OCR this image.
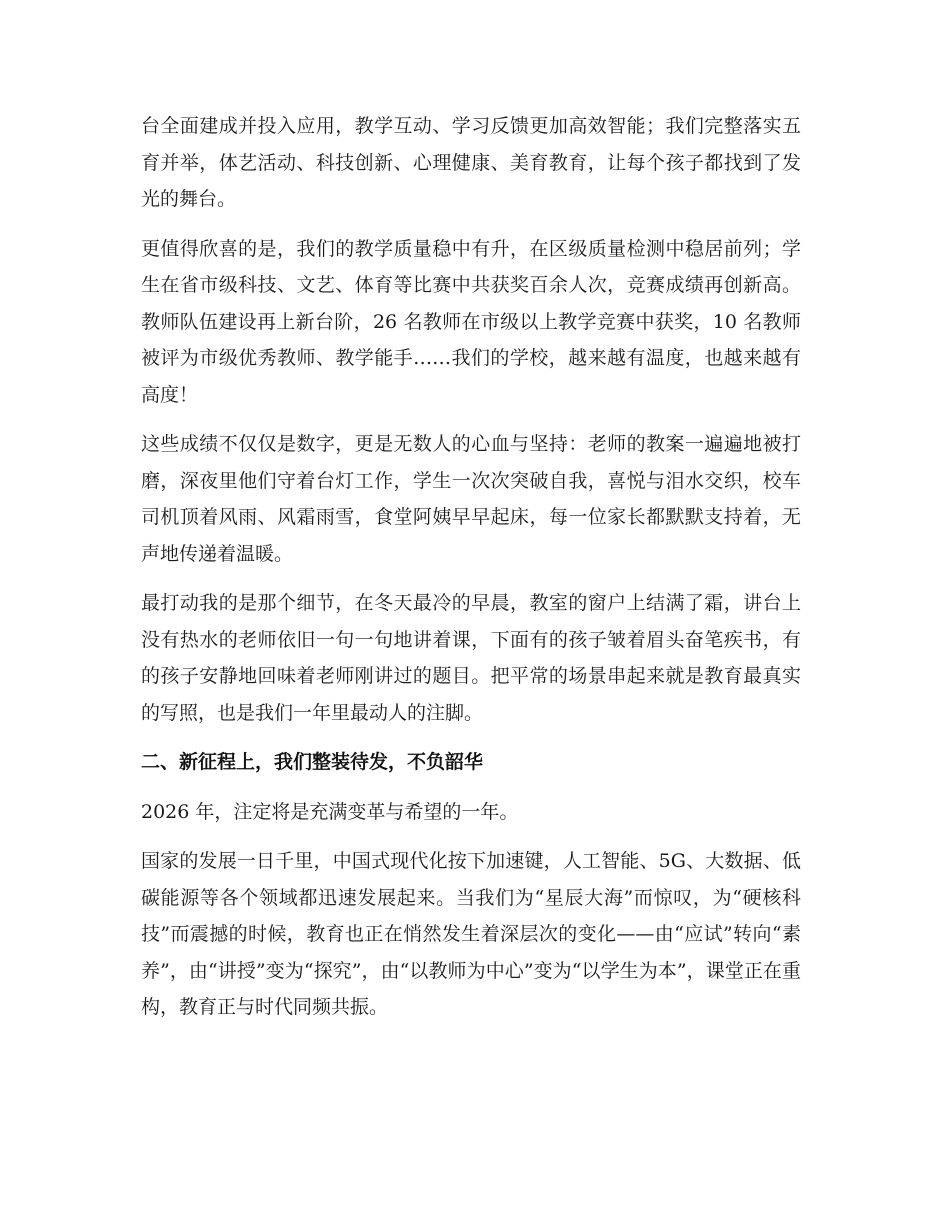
台全面建成并投入应用，教学互动、学习反馈更加高效智能；我们完整落实五育并举，体艺活动、科技创新、心理健康、美育教育，让每个孩子都找到了发光的舞台。

更值得欣喜的是，我们的教学质量稳中有升，在区级质量检测中稳居前列；学生在省市级科技、文艺、体育等比赛中共获奖百余人次，竞赛成绩再创新高。教师队伍建设再上新台阶，26 名教师在市级以上教学竞赛中获奖，10 名教师被评为市级优秀教师、教学能手……我们的学校，越来越有温度，也越来越有高度！

这些成绩不仅仅是数字，更是无数人的心血与坚持：老师的教案一遍遍地被打磨，深夜里他们守着台灯工作，学生一次次突破自我，喜悦与泪水交织，校车司机顶着风雨、风霜雨雪，食堂阿姨早早起床，每一位家长都默默支持着，无声地传递着温暖。

最打动我的是那个细节，在冬天最冷的早晨，教室的窗户上结满了霜，讲台上没有热水的老师依旧一句一句地讲着课，下面有的孩子皱着眉头奋笔疾书，有的孩子安静地回味着老师刚讲过的题目。把平常的场景串起来就是教育最真实的写照，也是我们一年里最动人的注脚。

二、新征程上，我们整装待发，不负韶华

2026 年，注定将是充满变革与希望的一年。

国家的发展一日千里，中国式现代化按下加速键，人工智能、5G、大数据、低碳能源等各个领域都迅速发展起来。当我们为“星辰大海”而惊叹，为“硬核科技”而震撼的时候，教育也正在悄然发生着深层次的变化——由“应试”转向“素养”，由“讲授”变为“探究”，由“以教师为中心”变为“以学生为本”，课堂正在重构，教育正与时代同频共振。
